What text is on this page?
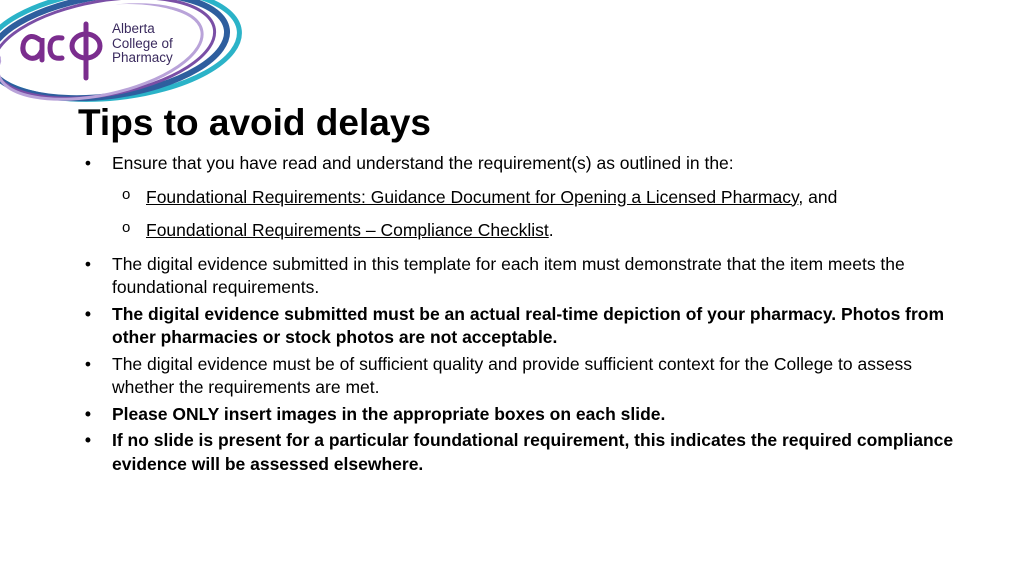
Alberta
College of
Pharmacy
Tips to avoid delays
• Ensure that you have read and understand the requirement(s) as outlined in the:
o Foundational Requirements: Guidance Document for Opening a Licensed Pharmacy, and
o Foundational Requirements – Compliance Checklist.
• The digital evidence submitted in this template for each item must demonstrate that the item meets the foundational requirements.
• The digital evidence submitted must be an actual real-time depiction of your pharmacy. Photos from other pharmacies or stock photos are not acceptable.
• The digital evidence must be of sufficient quality and provide sufficient context for the College to assess whether the requirements are met.
• Please ONLY insert images in the appropriate boxes on each slide.
• If no slide is present for a particular foundational requirement, this indicates the required compliance evidence will be assessed elsewhere.
